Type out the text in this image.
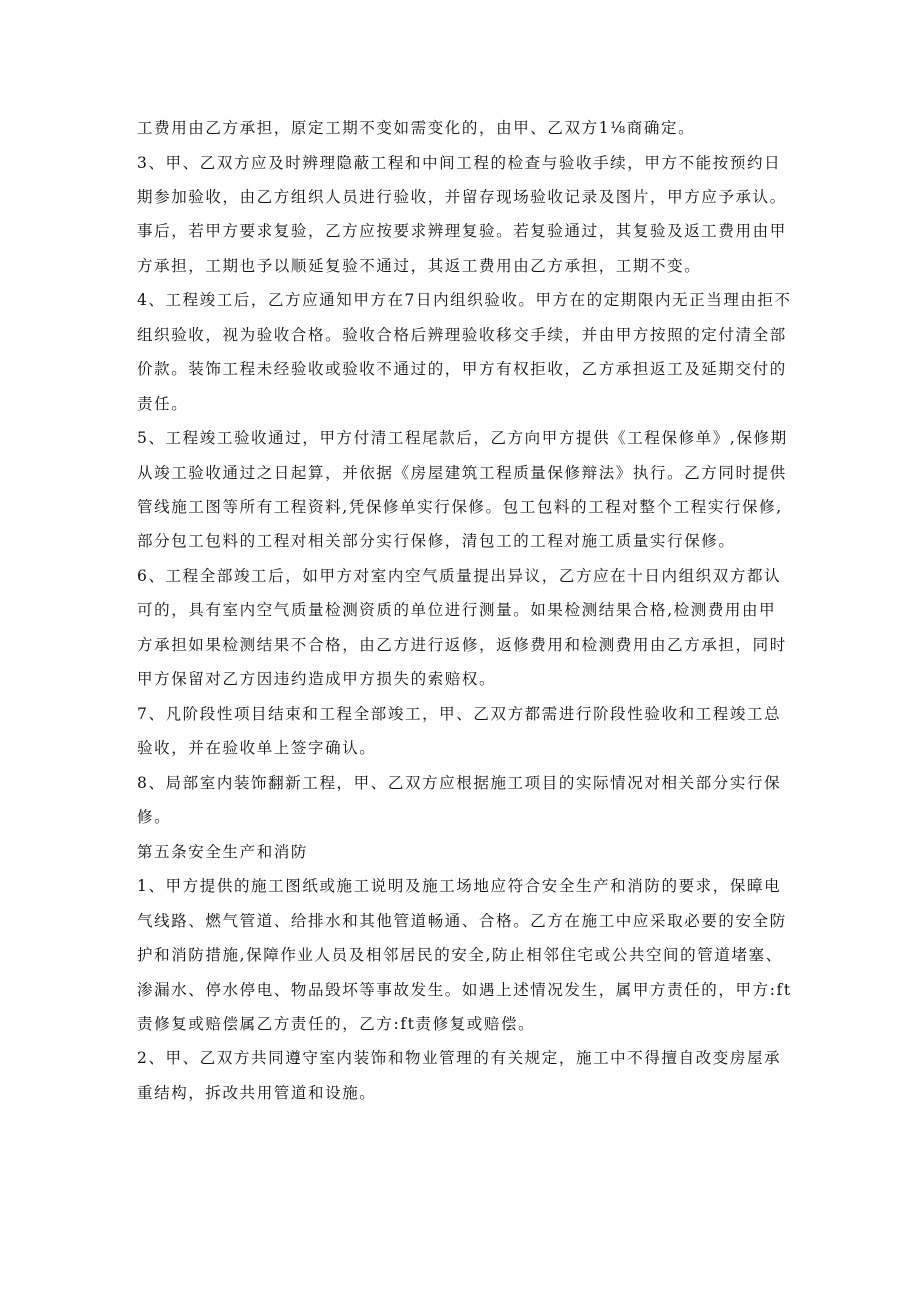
工费用由乙方承担，原定工期不变如需变化的，由甲、乙双方1⅛商确定。
3、甲、乙双方应及时辨理隐蔽工程和中间工程的检查与验收手续，甲方不能按预约日
期参加验收，由乙方组织人员进行验收，并留存现场验收记录及图片，甲方应予承认。
事后，若甲方要求复验，乙方应按要求辨理复验。若复验通过，其复验及返工费用由甲
方承担，工期也予以顺延复验不通过，其返工费用由乙方承担，工期不变。
4、工程竣工后，乙方应通知甲方在7日内组织验收。甲方在的定期限内无正当理由拒不
组织验收，视为验收合格。验收合格后辨理验收移交手续，并由甲方按照的定付清全部
价款。装饰工程未经验收或验收不通过的，甲方有权拒收，乙方承担返工及延期交付的
责任。
5、工程竣工验收通过，甲方付清工程尾款后，乙方向甲方提供《工程保修单》,保修期
从竣工验收通过之日起算，并依据《房屋建筑工程质量保修辩法》执行。乙方同时提供
管线施工图等所有工程资料,凭保修单实行保修。包工包料的工程对整个工程实行保修,
部分包工包料的工程对相关部分实行保修，清包工的工程对施工质量实行保修。
6、工程全部竣工后，如甲方对室内空气质量提出异议，乙方应在十日内组织双方都认
可的，具有室内空气质量检测资质的单位进行测量。如果检测结果合格,检测费用由甲
方承担如果检测结果不合格，由乙方进行返修，返修费用和检测费用由乙方承担，同时
甲方保留对乙方因违约造成甲方损失的索赔权。
7、凡阶段性项目结束和工程全部竣工，甲、乙双方都需进行阶段性验收和工程竣工总
验收，并在验收单上签字确认。
8、局部室内装饰翻新工程，甲、乙双方应根据施工项目的实际情况对相关部分实行保
修。
第五条安全生产和消防
1、甲方提供的施工图纸或施工说明及施工场地应符合安全生产和消防的要求，保暲电
气线路、燃气管道、给排水和其他管道畅通、合格。乙方在施工中应采取必要的安全防
护和消防措施,保障作业人员及相邻居民的安全,防止相邻住宅或公共空间的管道堵塞、
渗漏水、停水停电、物品毁坏等事故发生。如遇上述情况发生，属甲方责任的，甲方:ft
责修复或赔偿属乙方责任的，乙方:ft责修复或赔偿。
2、甲、乙双方共同遵守室内装饰和物业管理的有关规定，施工中不得擅自改变房屋承
重结构，拆改共用管道和设施。
